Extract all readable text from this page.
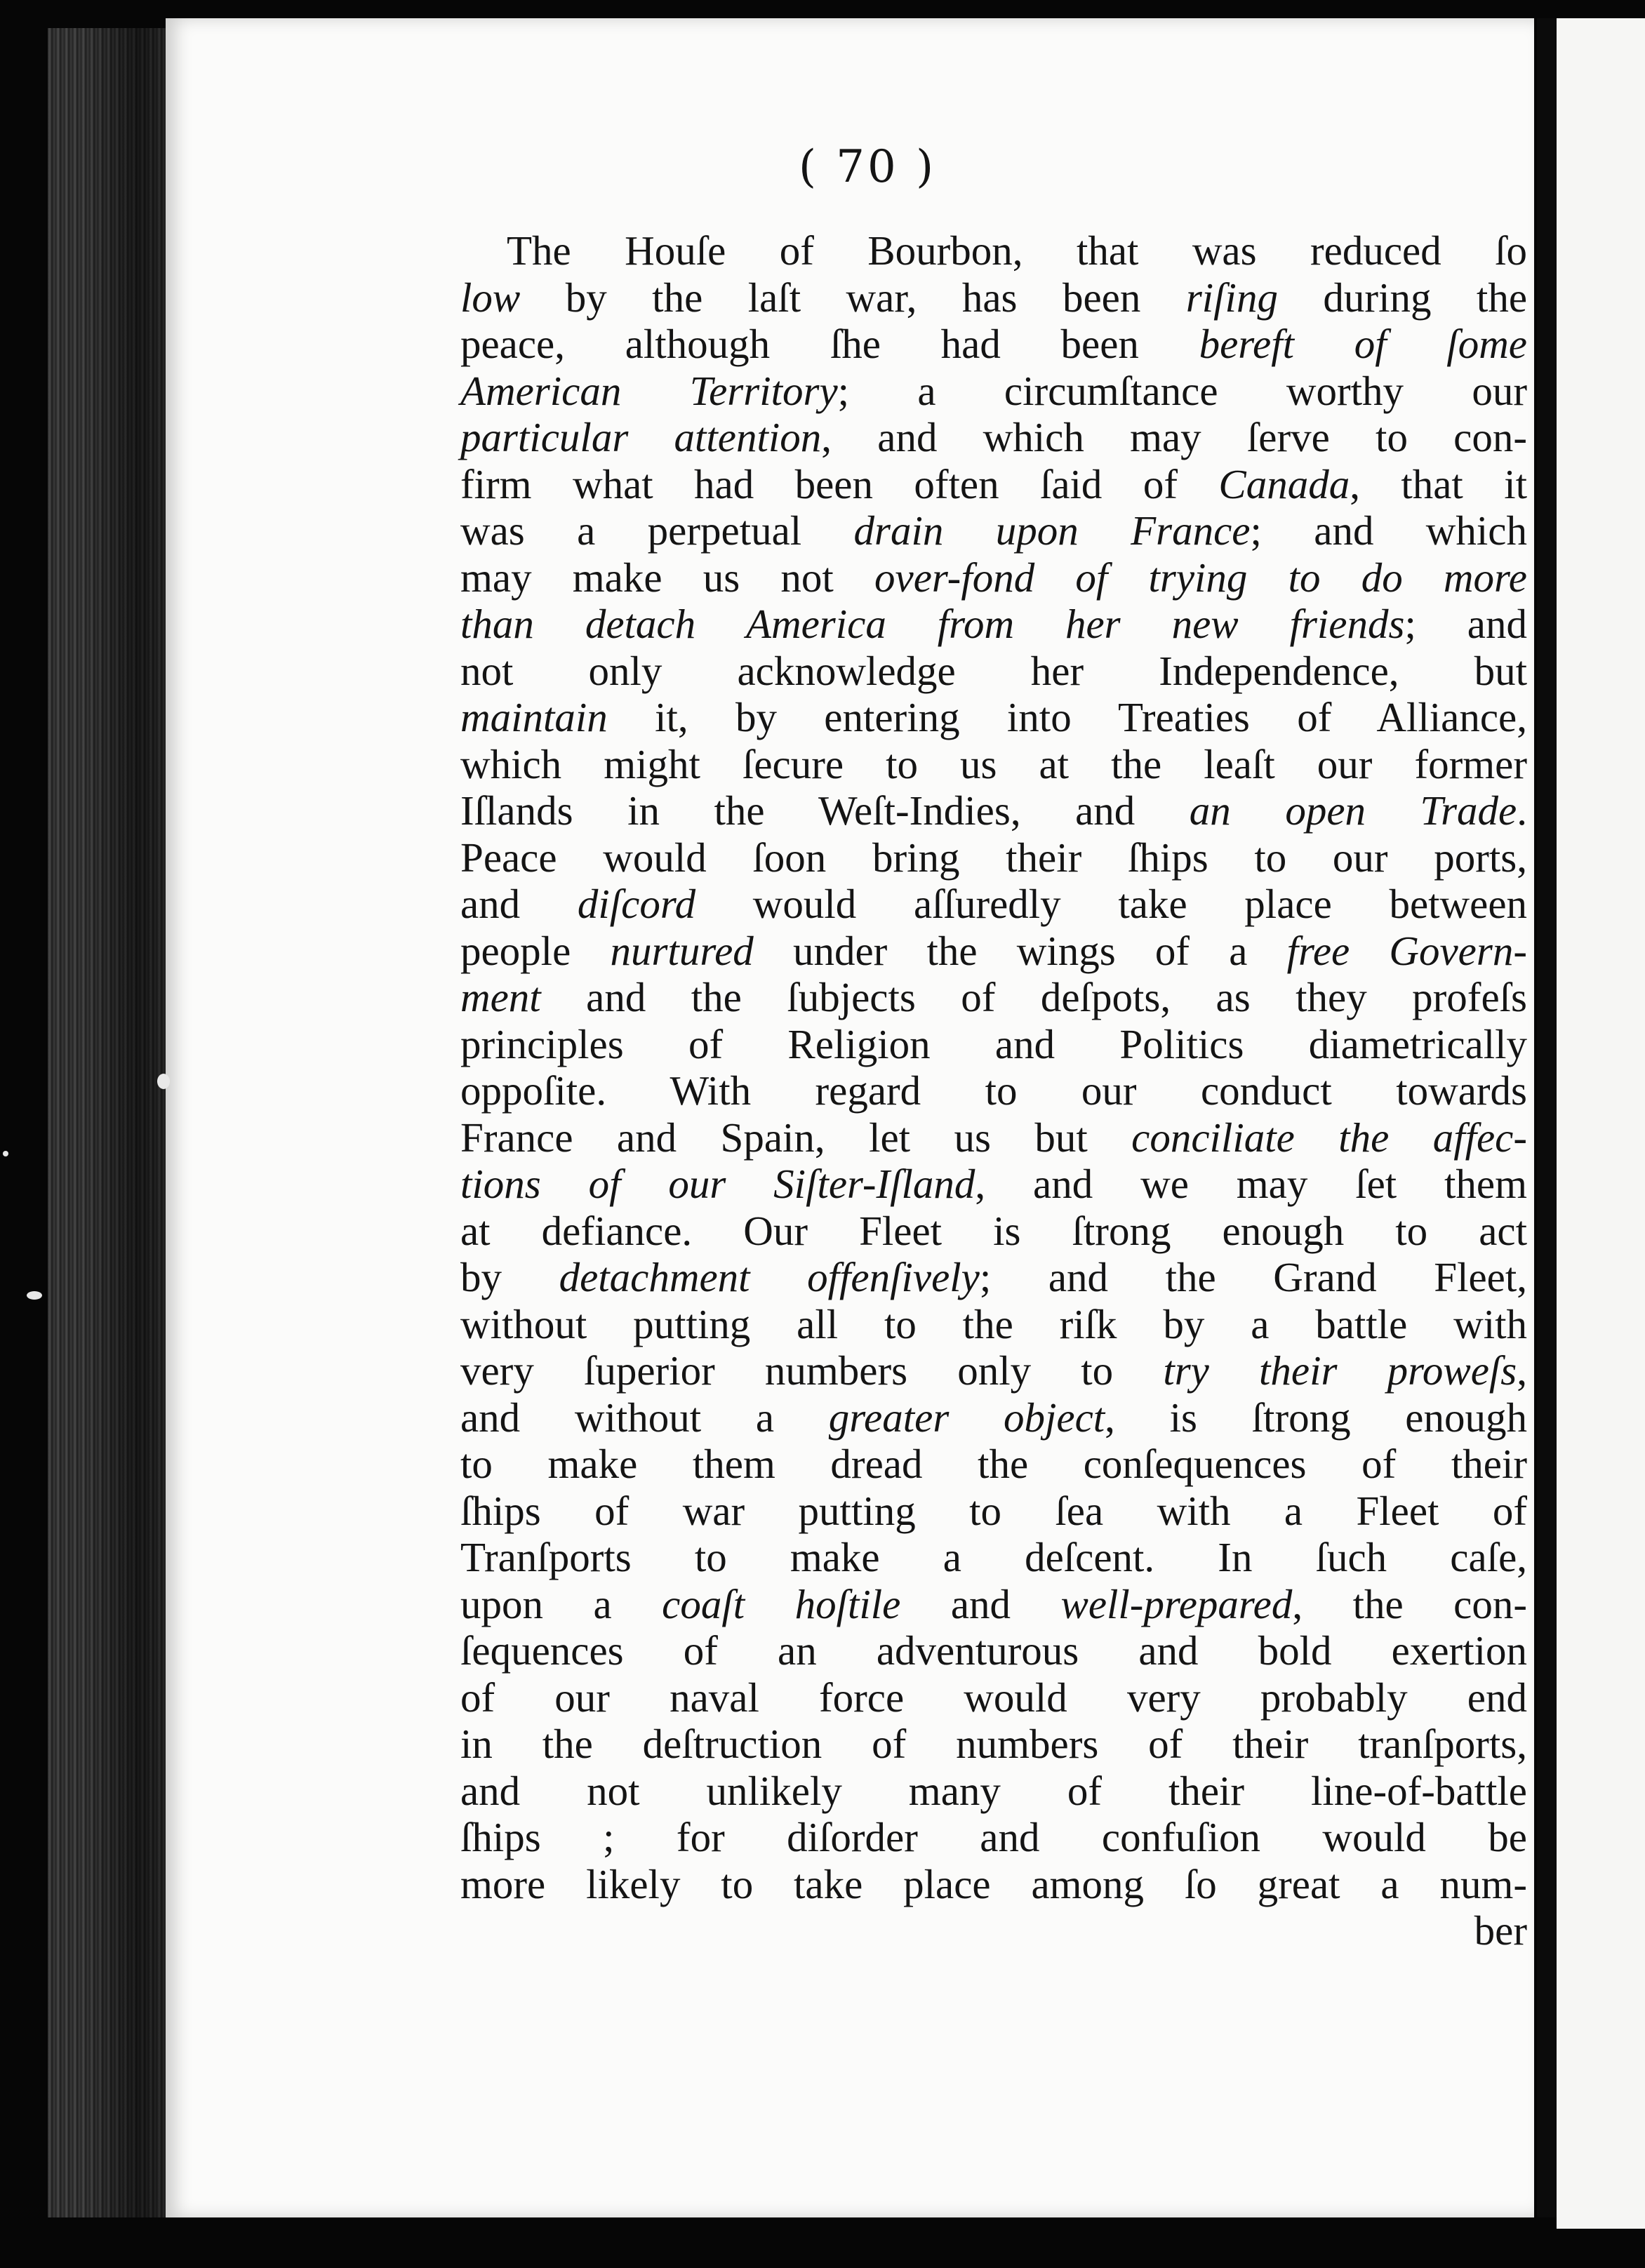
( 70 )
The Houſe of Bourbon, that was reduced ſo
low by the laſt war, has been riſing during the
peace, although ſhe had been bereft of ſome
American Territory; a circumſtance worthy our
particular attention, and which may ſerve to con-
firm what had been often ſaid of Canada, that it
was a perpetual drain upon France; and which
may make us not over-fond of trying to do more
than detach America from her new friends; and
not only acknowledge her Independence, but
maintain it, by entering into Treaties of Alliance,
which might ſecure to us at the leaſt our former
Iſlands in the Weſt-Indies, and an open Trade.
Peace would ſoon bring their ſhips to our ports,
and diſcord would aſſuredly take place between
people nurtured under the wings of a free Govern-
ment and the ſubjects of deſpots, as they profeſs
principles of Religion and Politics diametrically
oppoſite. With regard to our conduct towards
France and Spain, let us but conciliate the affec-
tions of our Siſter-Iſland, and we may ſet them
at defiance. Our Fleet is ſtrong enough to act
by detachment offenſively; and the Grand Fleet,
without putting all to the riſk by a battle with
very ſuperior numbers only to try their proweſs,
and without a greater object, is ſtrong enough
to make them dread the conſequences of their
ſhips of war putting to ſea with a Fleet of
Tranſports to make a deſcent. In ſuch caſe,
upon a coaſt hoſtile and well-prepared, the con-
ſequences of an adventurous and bold exertion
of our naval force would very probably end
in the deſtruction of numbers of their tranſports,
and not unlikely many of their line-of-battle
ſhips ; for diſorder and confuſion would be
more likely to take place among ſo great a num-
ber
